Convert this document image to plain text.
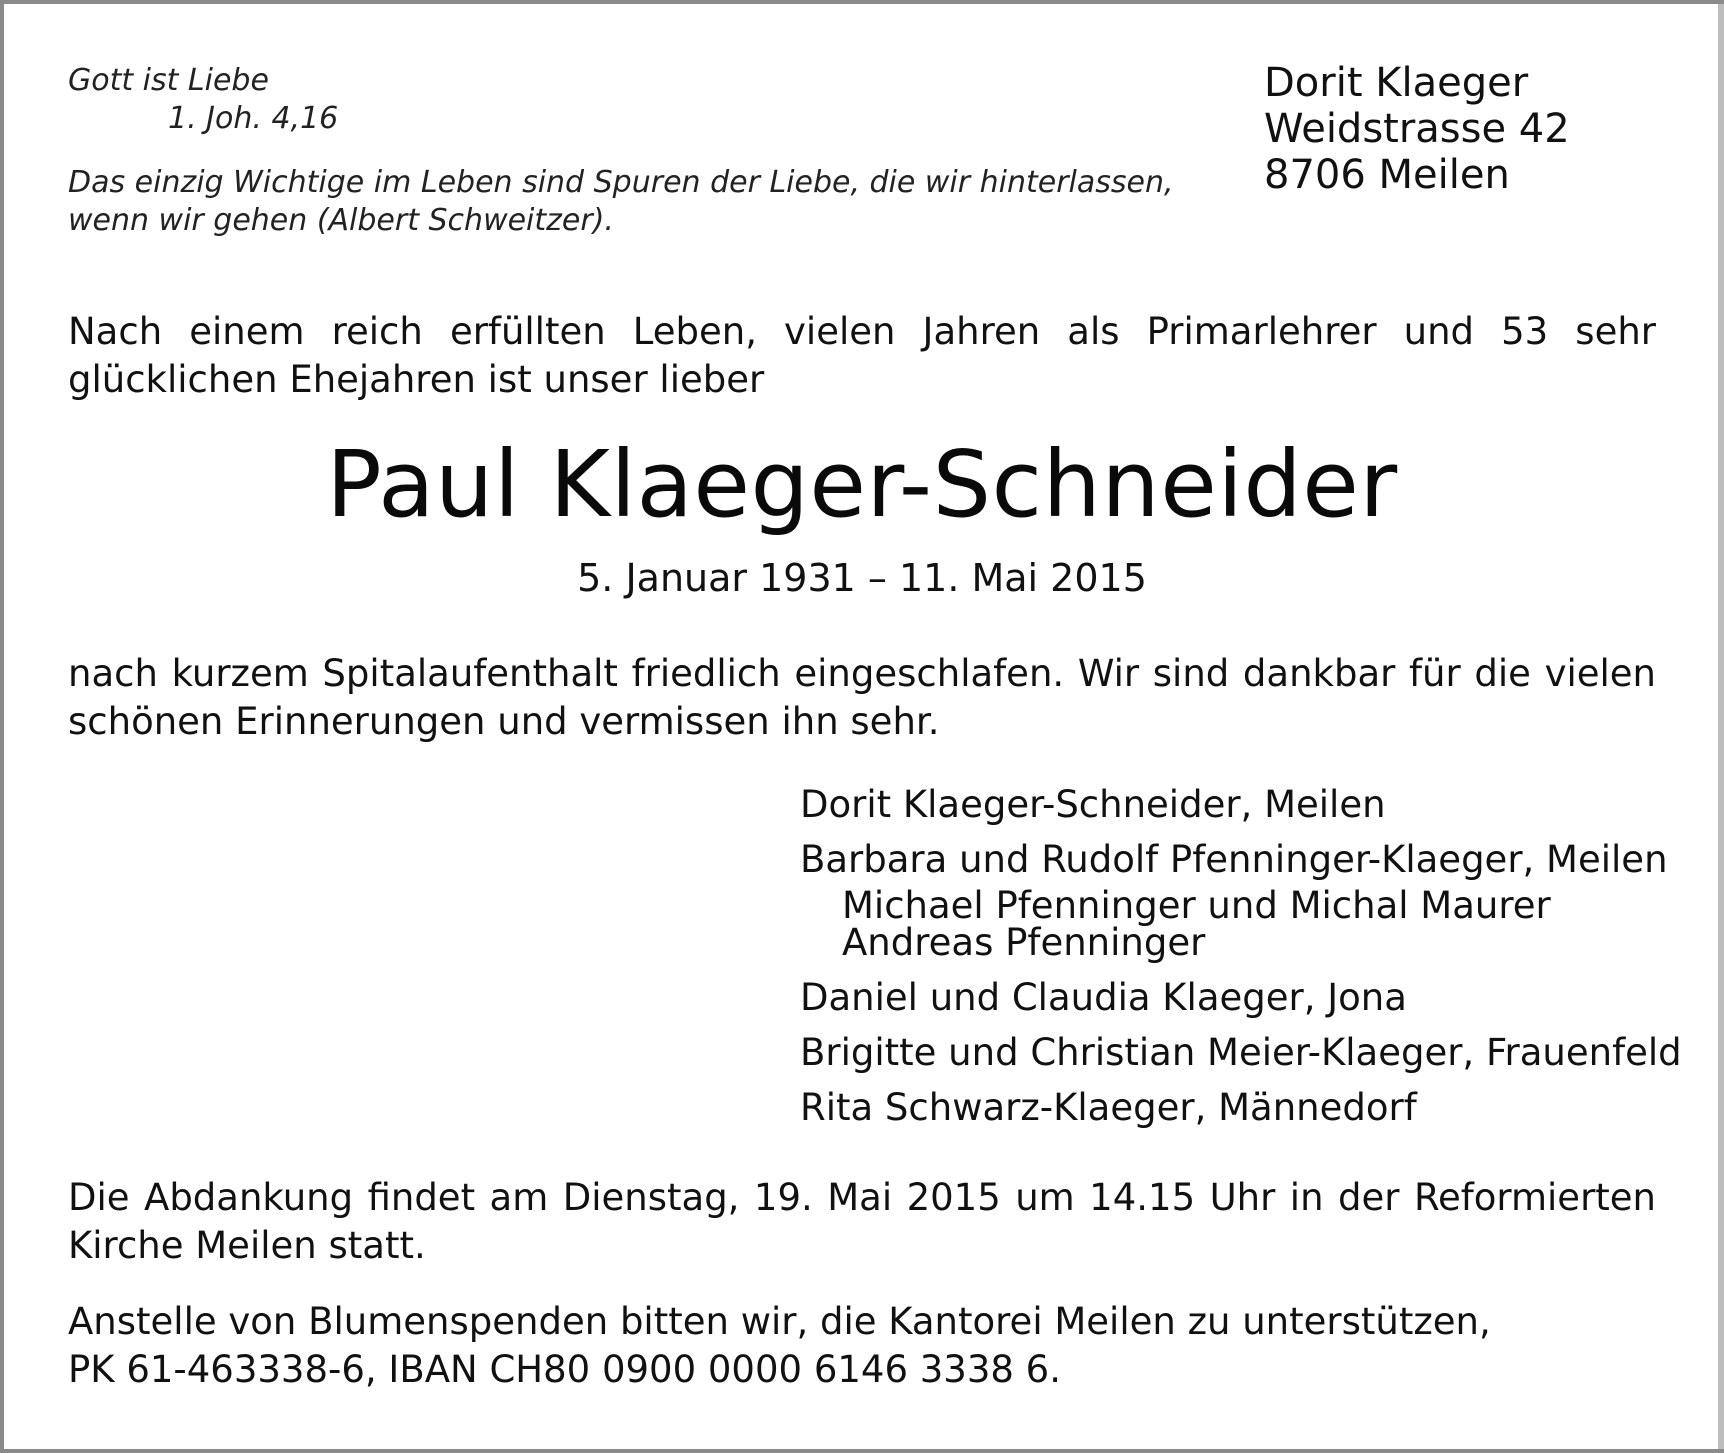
Gott ist Liebe
1. Joh. 4,16
Das einzig Wichtige im Leben sind Spuren der Liebe, die wir hinterlassen,
wenn wir gehen (Albert Schweitzer).
Dorit Klaeger
Weidstrasse 42
8706 Meilen
Nach einem reich erfüllten Leben, vielen Jahren als Primarlehrer und 53 sehr glücklichen Ehejahren ist unser lieber
Paul Klaeger-Schneider
5. Januar 1931 – 11. Mai 2015
nach kurzem Spitalaufenthalt friedlich eingeschlafen. Wir sind dankbar für die vielen schönen Erinnerungen und vermissen ihn sehr.
Dorit Klaeger-Schneider, Meilen
Barbara und Rudolf Pfenninger-Klaeger, Meilen
Michael Pfenninger und Michal Maurer
Andreas Pfenninger
Daniel und Claudia Klaeger, Jona
Brigitte und Christian Meier-Klaeger, Frauenfeld
Rita Schwarz-Klaeger, Männedorf
Die Abdankung findet am Dienstag, 19. Mai 2015 um 14.15 Uhr in der Reformierten Kirche Meilen statt.
Anstelle von Blumenspenden bitten wir, die Kantorei Meilen zu unterstützen,
PK 61-463338-6, IBAN CH80 0900 0000 6146 3338 6.
